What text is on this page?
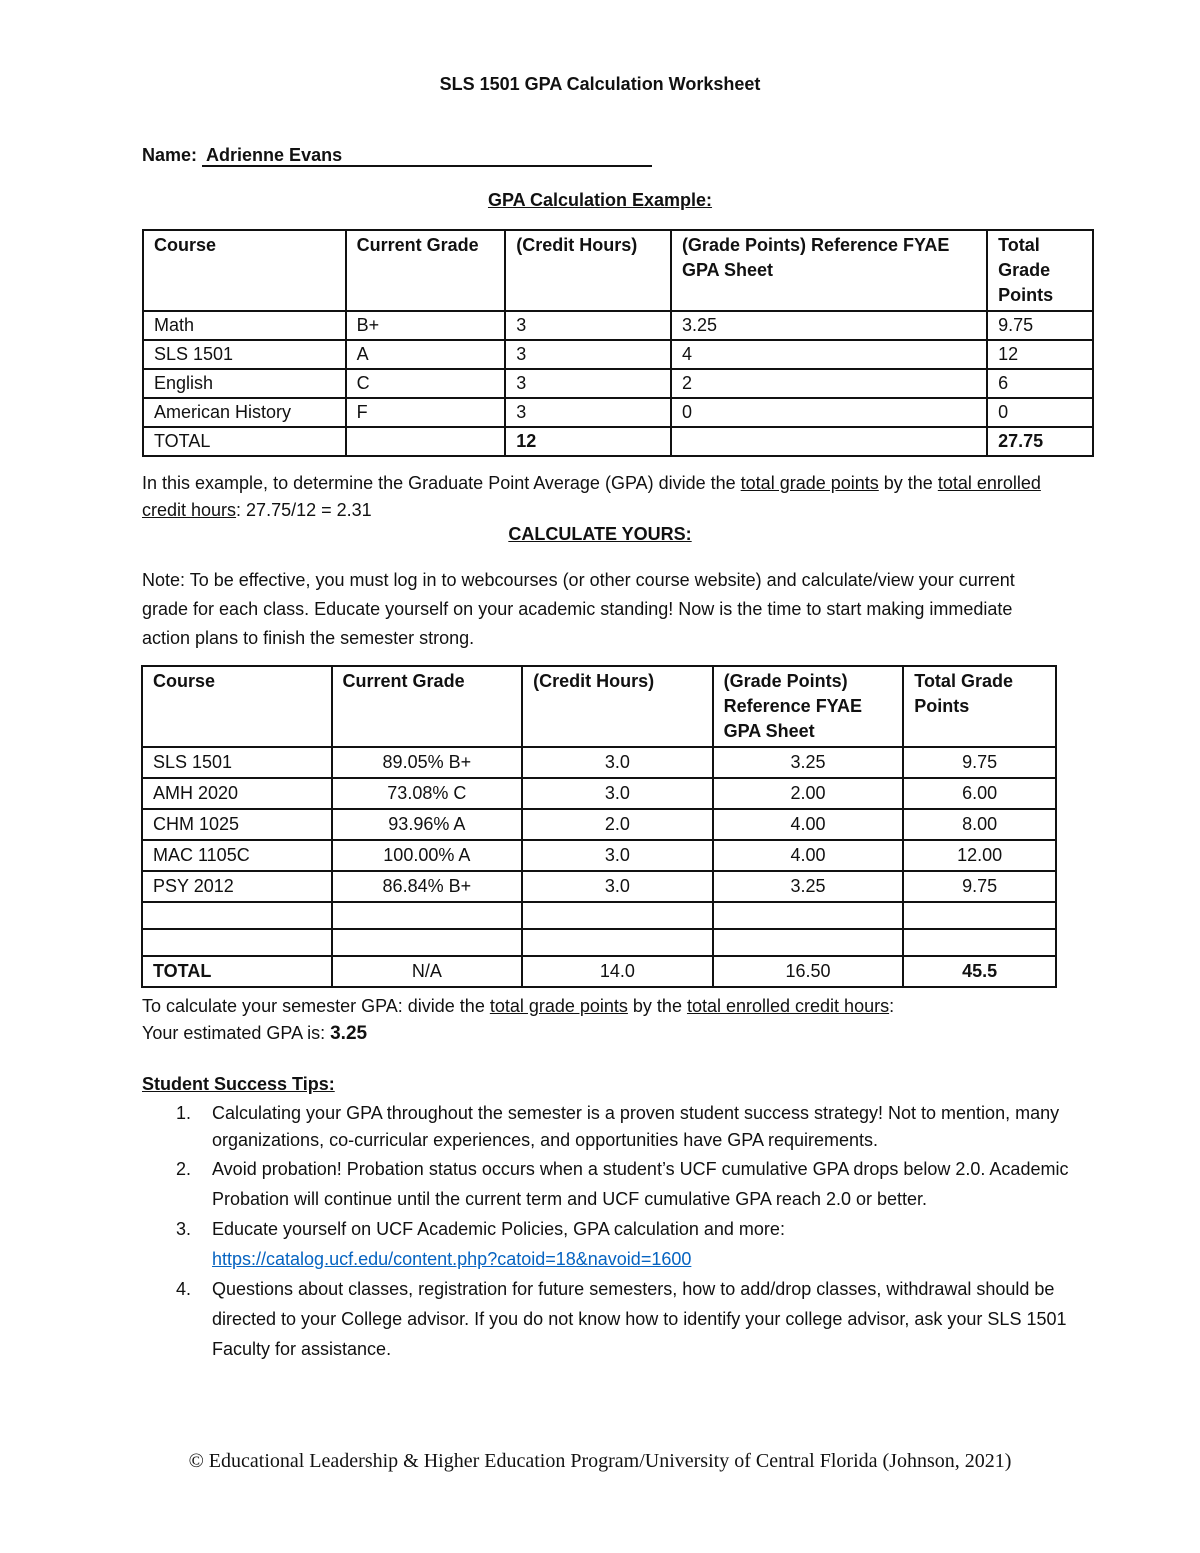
SLS 1501 GPA Calculation Worksheet
Name: Adrienne Evans
GPA Calculation Example:
Course	Current Grade	(Credit Hours)	(Grade Points) Reference FYAE GPA Sheet	Total Grade Points
Math	B+	3	3.25	9.75
SLS 1501	A	3	4	12
English	C	3	2	6
American History	F	3	0	0
TOTAL		12		27.75
In this example, to determine the Graduate Point Average (GPA) divide the total grade points by the total enrolled credit hours: 27.75/12 = 2.31
CALCULATE YOURS:
Note: To be effective, you must log in to webcourses (or other course website) and calculate/view your current grade for each class. Educate yourself on your academic standing! Now is the time to start making immediate action plans to finish the semester strong.
Course	Current Grade	(Credit Hours)	(Grade Points) Reference FYAE GPA Sheet	Total Grade Points
SLS 1501	89.05% B+	3.0	3.25	9.75
AMH 2020	73.08% C	3.0	2.00	6.00
CHM 1025	93.96% A	2.0	4.00	8.00
MAC 1105C	100.00% A	3.0	4.00	12.00
PSY 2012	86.84% B+	3.0	3.25	9.75

TOTAL	N/A	14.0	16.50	45.5
To calculate your semester GPA: divide the total grade points by the total enrolled credit hours:
Your estimated GPA is: 3.25
Student Success Tips:
1. Calculating your GPA throughout the semester is a proven student success strategy! Not to mention, many organizations, co-curricular experiences, and opportunities have GPA requirements.
2. Avoid probation! Probation status occurs when a student’s UCF cumulative GPA drops below 2.0. Academic Probation will continue until the current term and UCF cumulative GPA reach 2.0 or better.
3. Educate yourself on UCF Academic Policies, GPA calculation and more:
https://catalog.ucf.edu/content.php?catoid=18&navoid=1600
4. Questions about classes, registration for future semesters, how to add/drop classes, withdrawal should be directed to your College advisor. If you do not know how to identify your college advisor, ask your SLS 1501 Faculty for assistance.
© Educational Leadership & Higher Education Program/University of Central Florida (Johnson, 2021)
